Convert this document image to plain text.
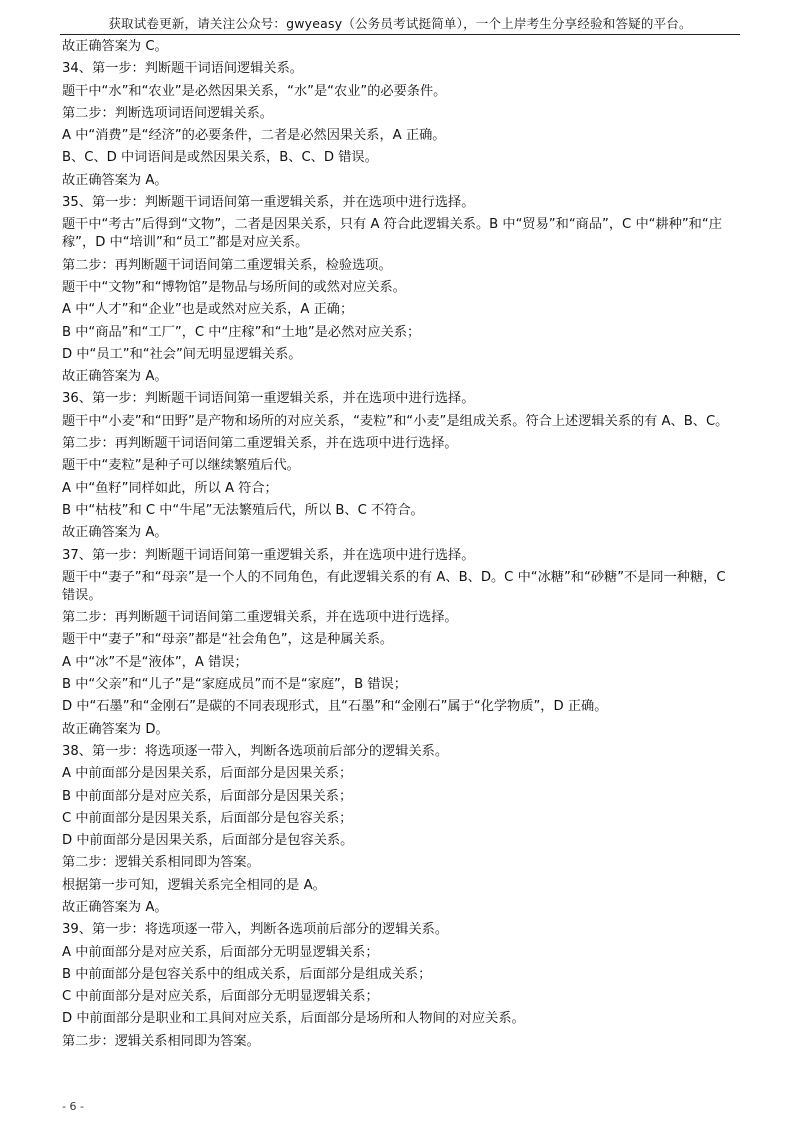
获取试卷更新，请关注公众号：gwyeasy（公务员考试挺简单），一个上岸考生分享经验和答疑的平台。
故正确答案为 C。
34、第一步：判断题干词语间逻辑关系。
题干中“水”和“农业”是必然因果关系，“水”是“农业”的必要条件。
第二步：判断选项词语间逻辑关系。
A 中“消费”是“经济”的必要条件，二者是必然因果关系，A 正确。
B、C、D 中词语间是或然因果关系，B、C、D 错误。
故正确答案为 A。
35、第一步：判断题干词语间第一重逻辑关系，并在选项中进行选择。
题干中“考古”后得到“文物”，二者是因果关系，只有 A 符合此逻辑关系。B 中“贸易”和“商品”，C 中“耕种”和“庄稼”，D 中“培训”和“员工”都是对应关系。
第二步：再判断题干词语间第二重逻辑关系，检验选项。
题干中“文物”和“博物馆”是物品与场所间的或然对应关系。
A 中“人才”和“企业”也是或然对应关系，A 正确；
B 中“商品”和“工厂”，C 中“庄稼”和“土地”是必然对应关系；
D 中“员工”和“社会”间无明显逻辑关系。
故正确答案为 A。
36、第一步：判断题干词语间第一重逻辑关系，并在选项中进行选择。
题干中“小麦”和“田野”是产物和场所的对应关系，“麦粒”和“小麦”是组成关系。符合上述逻辑关系的有 A、B、C。
第二步：再判断题干词语间第二重逻辑关系，并在选项中进行选择。
题干中“麦粒”是种子可以继续繁殖后代。
A 中“鱼籽”同样如此，所以 A 符合；
B 中“枯枝”和 C 中“牛尾”无法繁殖后代，所以 B、C 不符合。
故正确答案为 A。
37、第一步：判断题干词语间第一重逻辑关系，并在选项中进行选择。
题干中“妻子”和“母亲”是一个人的不同角色，有此逻辑关系的有 A、B、D。C 中“冰糖”和“砂糖”不是同一种糖，C 错误。
第二步：再判断题干词语间第二重逻辑关系，并在选项中进行选择。
题干中“妻子”和“母亲”都是“社会角色”，这是种属关系。
A 中“冰”不是“液体”，A 错误；
B 中“父亲”和“儿子”是“家庭成员”而不是“家庭”，B 错误；
D 中“石墨”和“金刚石”是碳的不同表现形式，且“石墨”和“金刚石”属于“化学物质”，D 正确。
故正确答案为 D。
38、第一步：将选项逐一带入，判断各选项前后部分的逻辑关系。
A 中前面部分是因果关系，后面部分是因果关系；
B 中前面部分是对应关系，后面部分是因果关系；
C 中前面部分是因果关系，后面部分是包容关系；
D 中前面部分是因果关系，后面部分是包容关系。
第二步：逻辑关系相同即为答案。
根据第一步可知，逻辑关系完全相同的是 A。
故正确答案为 A。
39、第一步：将选项逐一带入，判断各选项前后部分的逻辑关系。
A 中前面部分是对应关系，后面部分无明显逻辑关系；
B 中前面部分是包容关系中的组成关系，后面部分是组成关系；
C 中前面部分是对应关系，后面部分无明显逻辑关系；
D 中前面部分是职业和工具间对应关系，后面部分是场所和人物间的对应关系。
第二步：逻辑关系相同即为答案。
- 6 -
